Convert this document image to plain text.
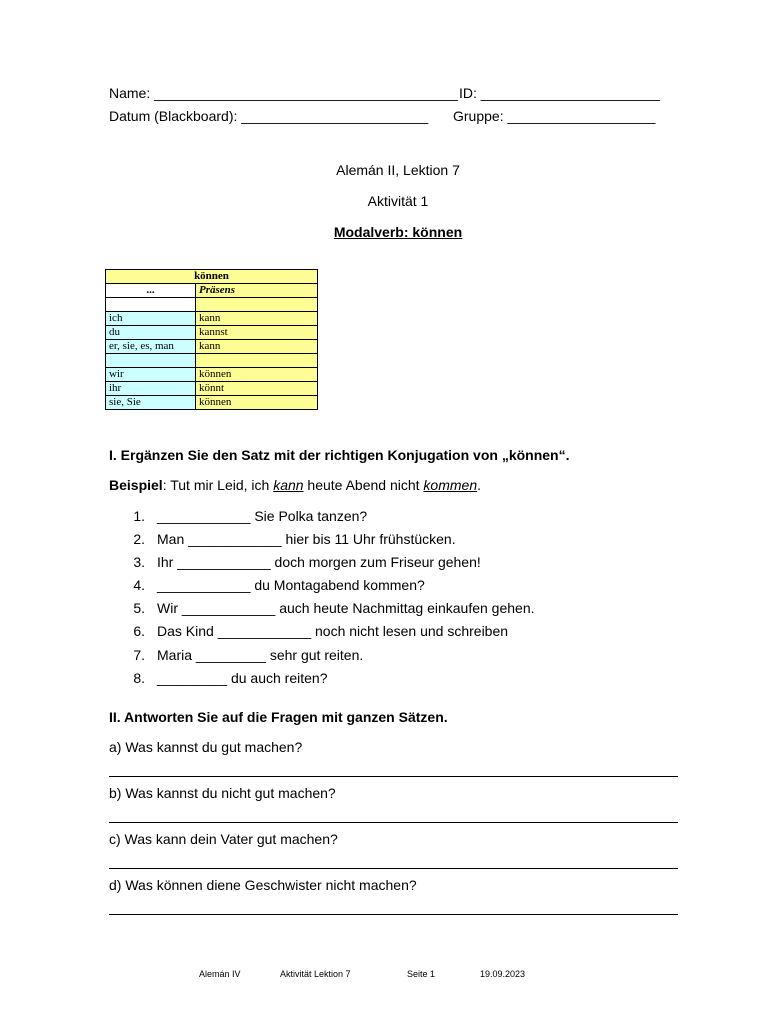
Name: _______________________________________ ID: _______________________
Datum (Blackboard): ________________________ Gruppe: ___________________
Alemán II, Lektion 7
Aktivität 1
Modalverb: können
können	
...	Präsens

ich	kann
du	kannst
er, sie, es, man	kann

wir	können
ihr	könnt
sie, Sie	können
I. Ergänzen Sie den Satz mit der richtigen Konjugation von „können“.
Beispiel: Tut mir Leid, ich kann heute Abend nicht kommen.
1. ____________ Sie Polka tanzen?
2. Man ____________ hier bis 11 Uhr frühstücken.
3. Ihr ____________ doch morgen zum Friseur gehen!
4. ____________ du Montagabend kommen?
5. Wir ____________ auch heute Nachmittag einkaufen gehen.
6. Das Kind ____________ noch nicht lesen und schreiben
7. Maria _________ sehr gut reiten.
8. _________ du auch reiten?
II. Antworten Sie auf die Fragen mit ganzen Sätzen.
a) Was kannst du gut machen?
b) Was kannst du nicht gut machen?
c) Was kann dein Vater gut machen?
d) Was können diene Geschwister nicht machen?
Alemán IV	Aktivität Lektion 7	Seite 1	19.09.2023
